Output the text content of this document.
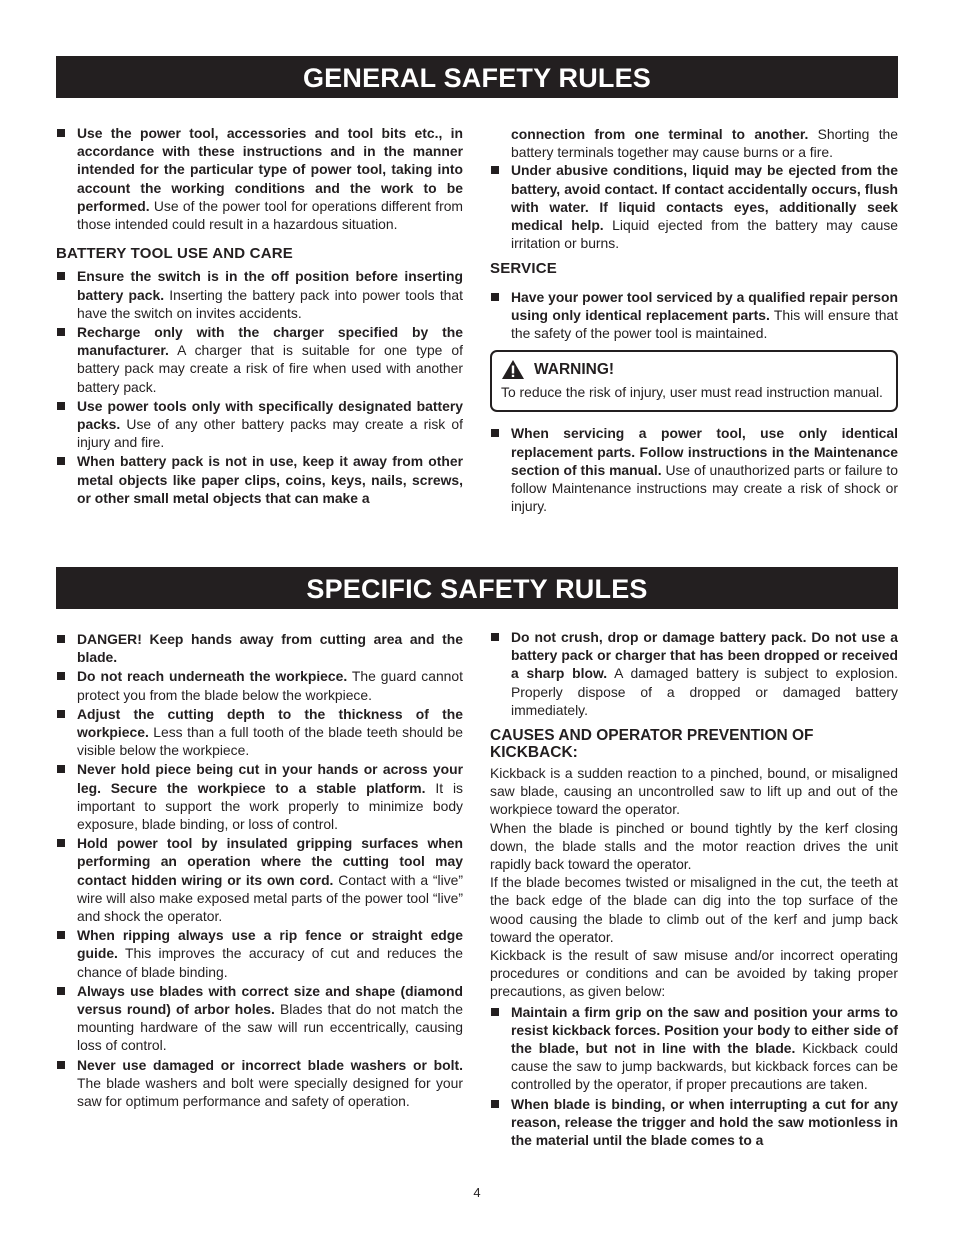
GENERAL SAFETY RULES
Use the power tool, accessories and tool bits etc., in accordance with these instructions and in the manner intended for the particular type of power tool, taking into account the working conditions and the work to be performed. Use of the power tool for operations different from those intended could result in a hazardous situation.
BATTERY TOOL USE AND CARE
Ensure the switch is in the off position before inserting battery pack. Inserting the battery pack into power tools that have the switch on invites accidents.
Recharge only with the charger specified by the manufacturer. A charger that is suitable for one type of battery pack may create a risk of fire when used with another battery pack.
Use power tools only with specifically designated battery packs. Use of any other battery packs may create a risk of injury and fire.
When battery pack is not in use, keep it away from other metal objects like paper clips, coins, keys, nails, screws, or other small metal objects that can make a

connection from one terminal to another. Shorting the battery terminals together may cause burns or a fire.

Under abusive conditions, liquid may be ejected from the battery, avoid contact. If contact accidentally occurs, flush with water. If liquid contacts eyes, additionally seek medical help. Liquid ejected from the battery may cause irritation or burns.
SERVICE
Have your power tool serviced by a qualified repair person using only identical replacement parts. This will ensure that the safety of the power tool is maintained.
WARNING!

To reduce the risk of injury, user must read instruction manual.

When servicing a power tool, use only identical replacement parts. Follow instructions in the Maintenance section of this manual. Use of unauthorized parts or failure to follow Maintenance instructions may create a risk of shock or injury.
SPECIFIC SAFETY RULES
DANGER! Keep hands away from cutting area and the blade.
Do not reach underneath the workpiece. The guard cannot protect you from the blade below the workpiece.
Adjust the cutting depth to the thickness of the workpiece. Less than a full tooth of the blade teeth should be visible below the workpiece.
Never hold piece being cut in your hands or across your leg. Secure the workpiece to a stable platform. It is important to support the work properly to minimize body exposure, blade binding, or loss of control.
Hold power tool by insulated gripping surfaces when performing an operation where the cutting tool may contact hidden wiring or its own cord. Contact with a “live” wire will also make exposed metal parts of the power tool “live” and shock the operator.
When ripping always use a rip fence or straight edge guide. This improves the accuracy of cut and reduces the chance of blade binding.
Always use blades with correct size and shape (diamond versus round) of arbor holes. Blades that do not match the mounting hardware of the saw will run eccentrically, causing loss of control.
Never use damaged or incorrect blade washers or bolt. The blade washers and bolt were specially designed for your saw for optimum performance and safety of operation.
Do not crush, drop or damage battery pack. Do not use a battery pack or charger that has been dropped or received a sharp blow. A damaged battery is subject to explosion. Properly dispose of a dropped or damaged battery immediately.
CAUSES AND OPERATOR PREVENTION OF KICKBACK:

Kickback is a sudden reaction to a pinched, bound, or misaligned saw blade, causing an uncontrolled saw to lift up and out of the workpiece toward the operator.

When the blade is pinched or bound tightly by the kerf closing down, the blade stalls and the motor reaction drives the unit rapidly back toward the operator.

If the blade becomes twisted or misaligned in the cut, the teeth at the back edge of the blade can dig into the top surface of the wood causing the blade to climb out of the kerf and jump back toward the operator.

Kickback is the result of saw misuse and/or incorrect operating procedures or conditions and can be avoided by taking proper precautions, as given below:

Maintain a firm grip on the saw and position your arms to resist kickback forces. Position your body to either side of the blade, but not in line with the blade. Kickback could cause the saw to jump backwards, but kickback forces can be controlled by the operator, if proper precautions are taken.
When blade is binding, or when interrupting a cut for any reason, release the trigger and hold the saw motionless in the material until the blade comes to a
4
